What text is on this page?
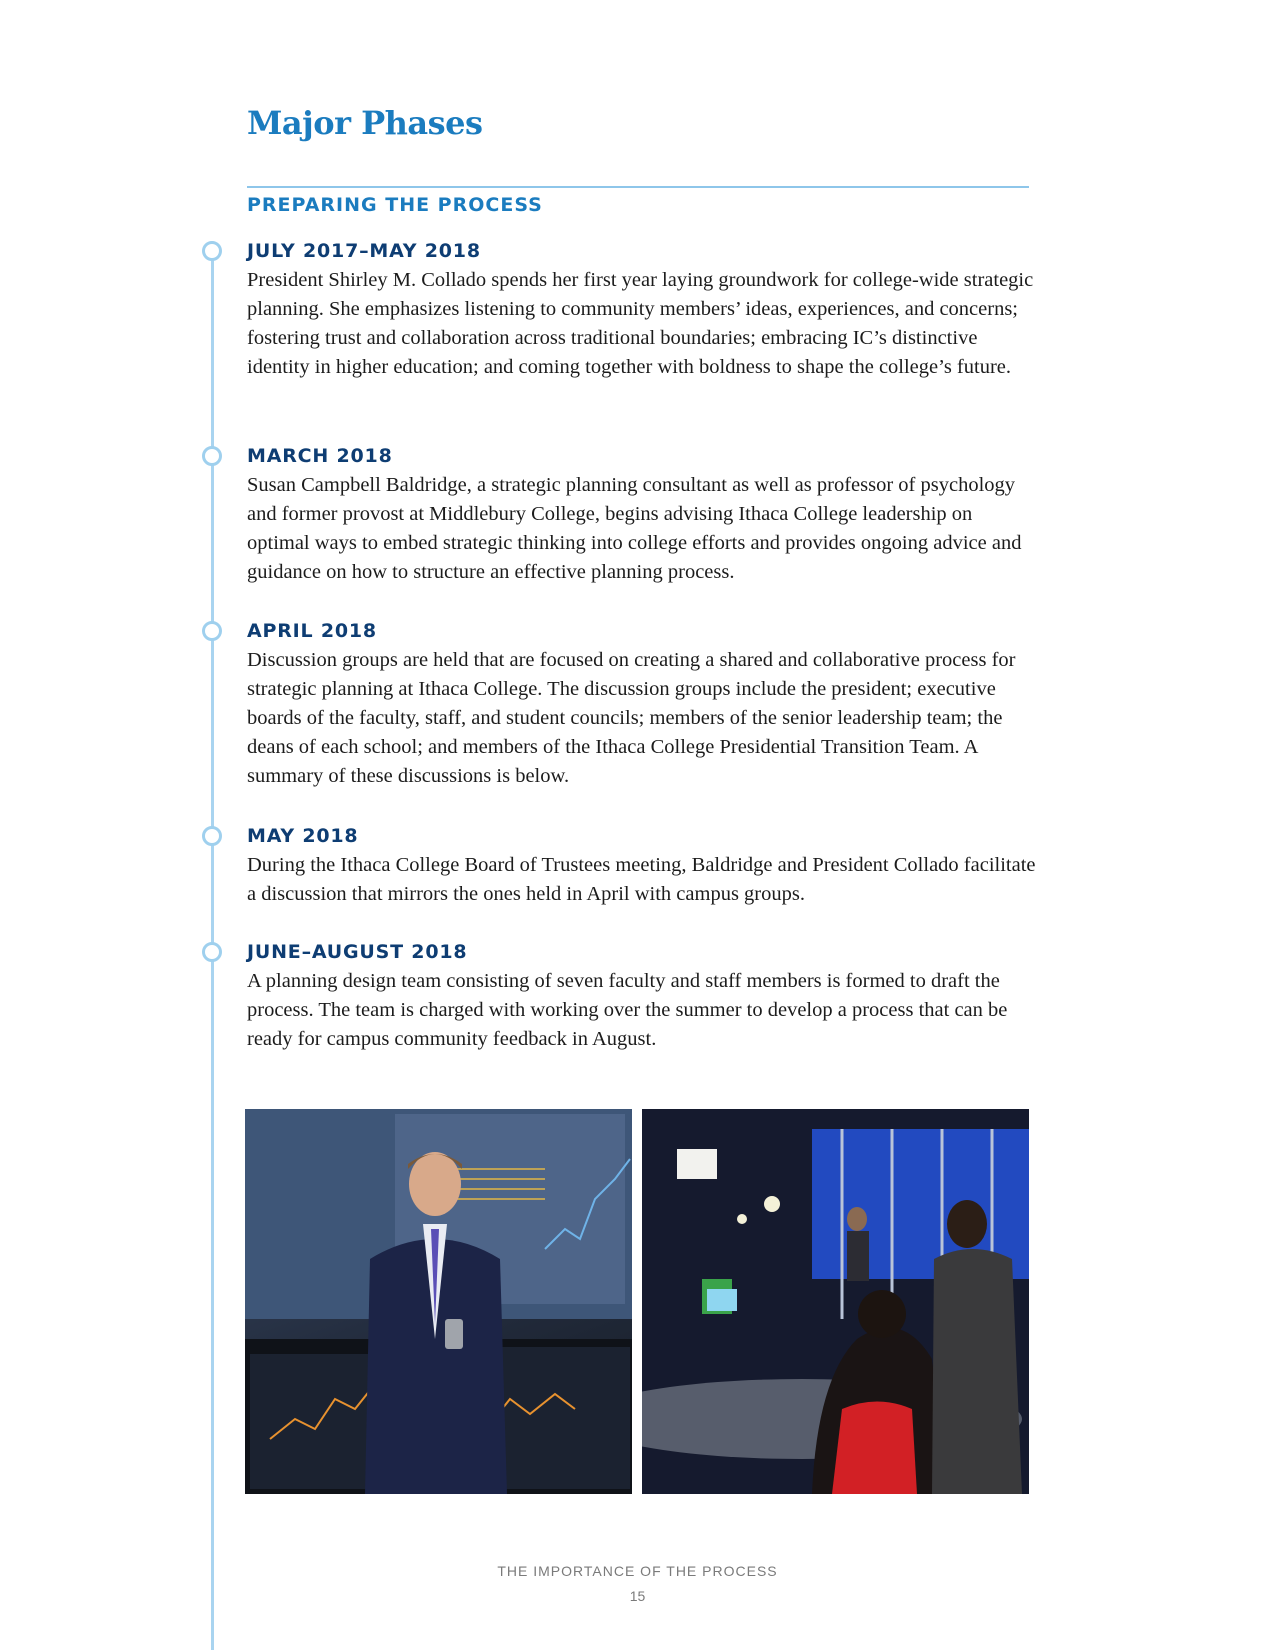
Major Phases
PREPARING THE PROCESS
JULY 2017–MAY 2018

President Shirley M. Collado spends her first year laying groundwork for college-wide strategic planning. She emphasizes listening to community members’ ideas, experiences, and concerns; fostering trust and collaboration across traditional boundaries; embracing IC’s distinctive identity in higher education; and coming together with boldness to shape the college’s future.

MARCH 2018

Susan Campbell Baldridge, a strategic planning consultant as well as professor of psychology and former provost at Middlebury College, begins advising Ithaca College leadership on optimal ways to embed strategic thinking into college efforts and provides ongoing advice and guidance on how to structure an effective planning process.

APRIL 2018

Discussion groups are held that are focused on creating a shared and collaborative process for strategic planning at Ithaca College. The discussion groups include the president; executive boards of the faculty, staff, and student councils; members of the senior leadership team; the deans of each school; and members of the Ithaca College Presidential Transition Team. A summary of these discussions is below.

MAY 2018

During the Ithaca College Board of Trustees meeting, Baldridge and President Collado facilitate a discussion that mirrors the ones held in April with campus groups.

JUNE–AUGUST 2018

A planning design team consisting of seven faculty and staff members is formed to draft the process. The team is charged with working over the summer to develop a process that can be ready for campus community feedback in August.

THE IMPORTANCE OF THE PROCESS
15
